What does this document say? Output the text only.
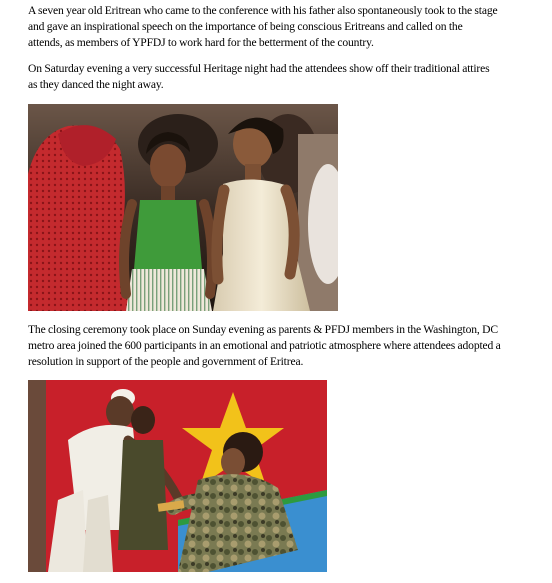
A seven year old Eritrean who came to the conference with his father also spontaneously took to the stage
and gave an inspirational speech on the importance of being conscious Eritreans and called on the
attends, as members of YPFDJ to work hard for the betterment of the country.

On Saturday evening a very successful Heritage night had the attendees show off their traditional attires
as they danced the night away.

The closing ceremony took place on Sunday evening as parents & PFDJ members in the Washington, DC
metro area joined the 600 participants in an emotional and patriotic atmosphere where attendees adopted a
resolution in support of the people and government of Eritrea.
